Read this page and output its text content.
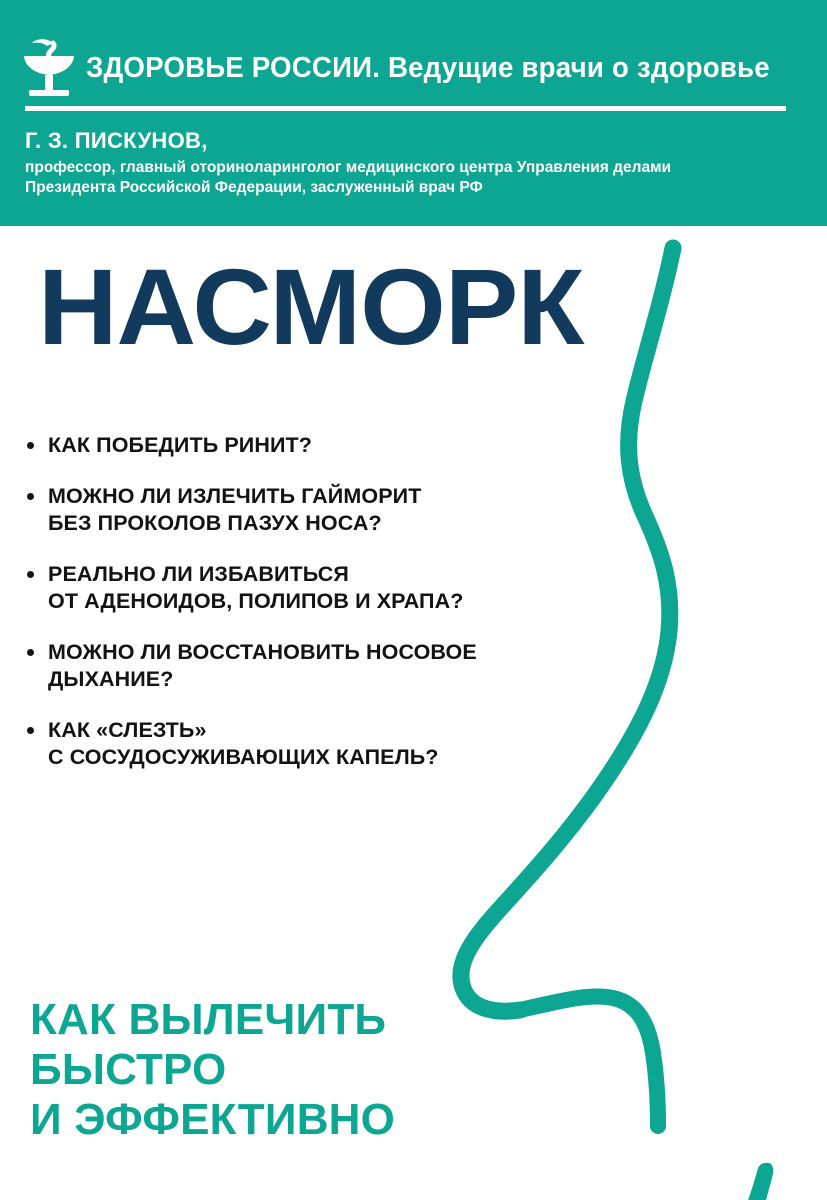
ЗДОРОВЬЕ РОССИИ. Ведущие врачи о здоровье
Г. З. ПИСКУНОВ,
профессор, главный оториноларинголог медицинского центра Управления делами
Президента Российской Федерации, заслуженный врач РФ
НАСМОРК
КАК ПОБЕДИТЬ РИНИТ?
МОЖНО ЛИ ИЗЛЕЧИТЬ ГАЙМОРИТ
БЕЗ ПРОКОЛОВ ПАЗУХ НОСА?
РЕАЛЬНО ЛИ ИЗБАВИТЬСЯ
ОТ АДЕНОИДОВ, ПОЛИПОВ И ХРАПА?
МОЖНО ЛИ ВОССТАНОВИТЬ НОСОВОЕ
ДЫХАНИЕ?
КАК «СЛЕЗТЬ»
С СОСУДОСУЖИВАЮЩИХ КАПЕЛЬ?
КАК ВЫЛЕЧИТЬ
БЫСТРО
И ЭФФЕКТИВНО
